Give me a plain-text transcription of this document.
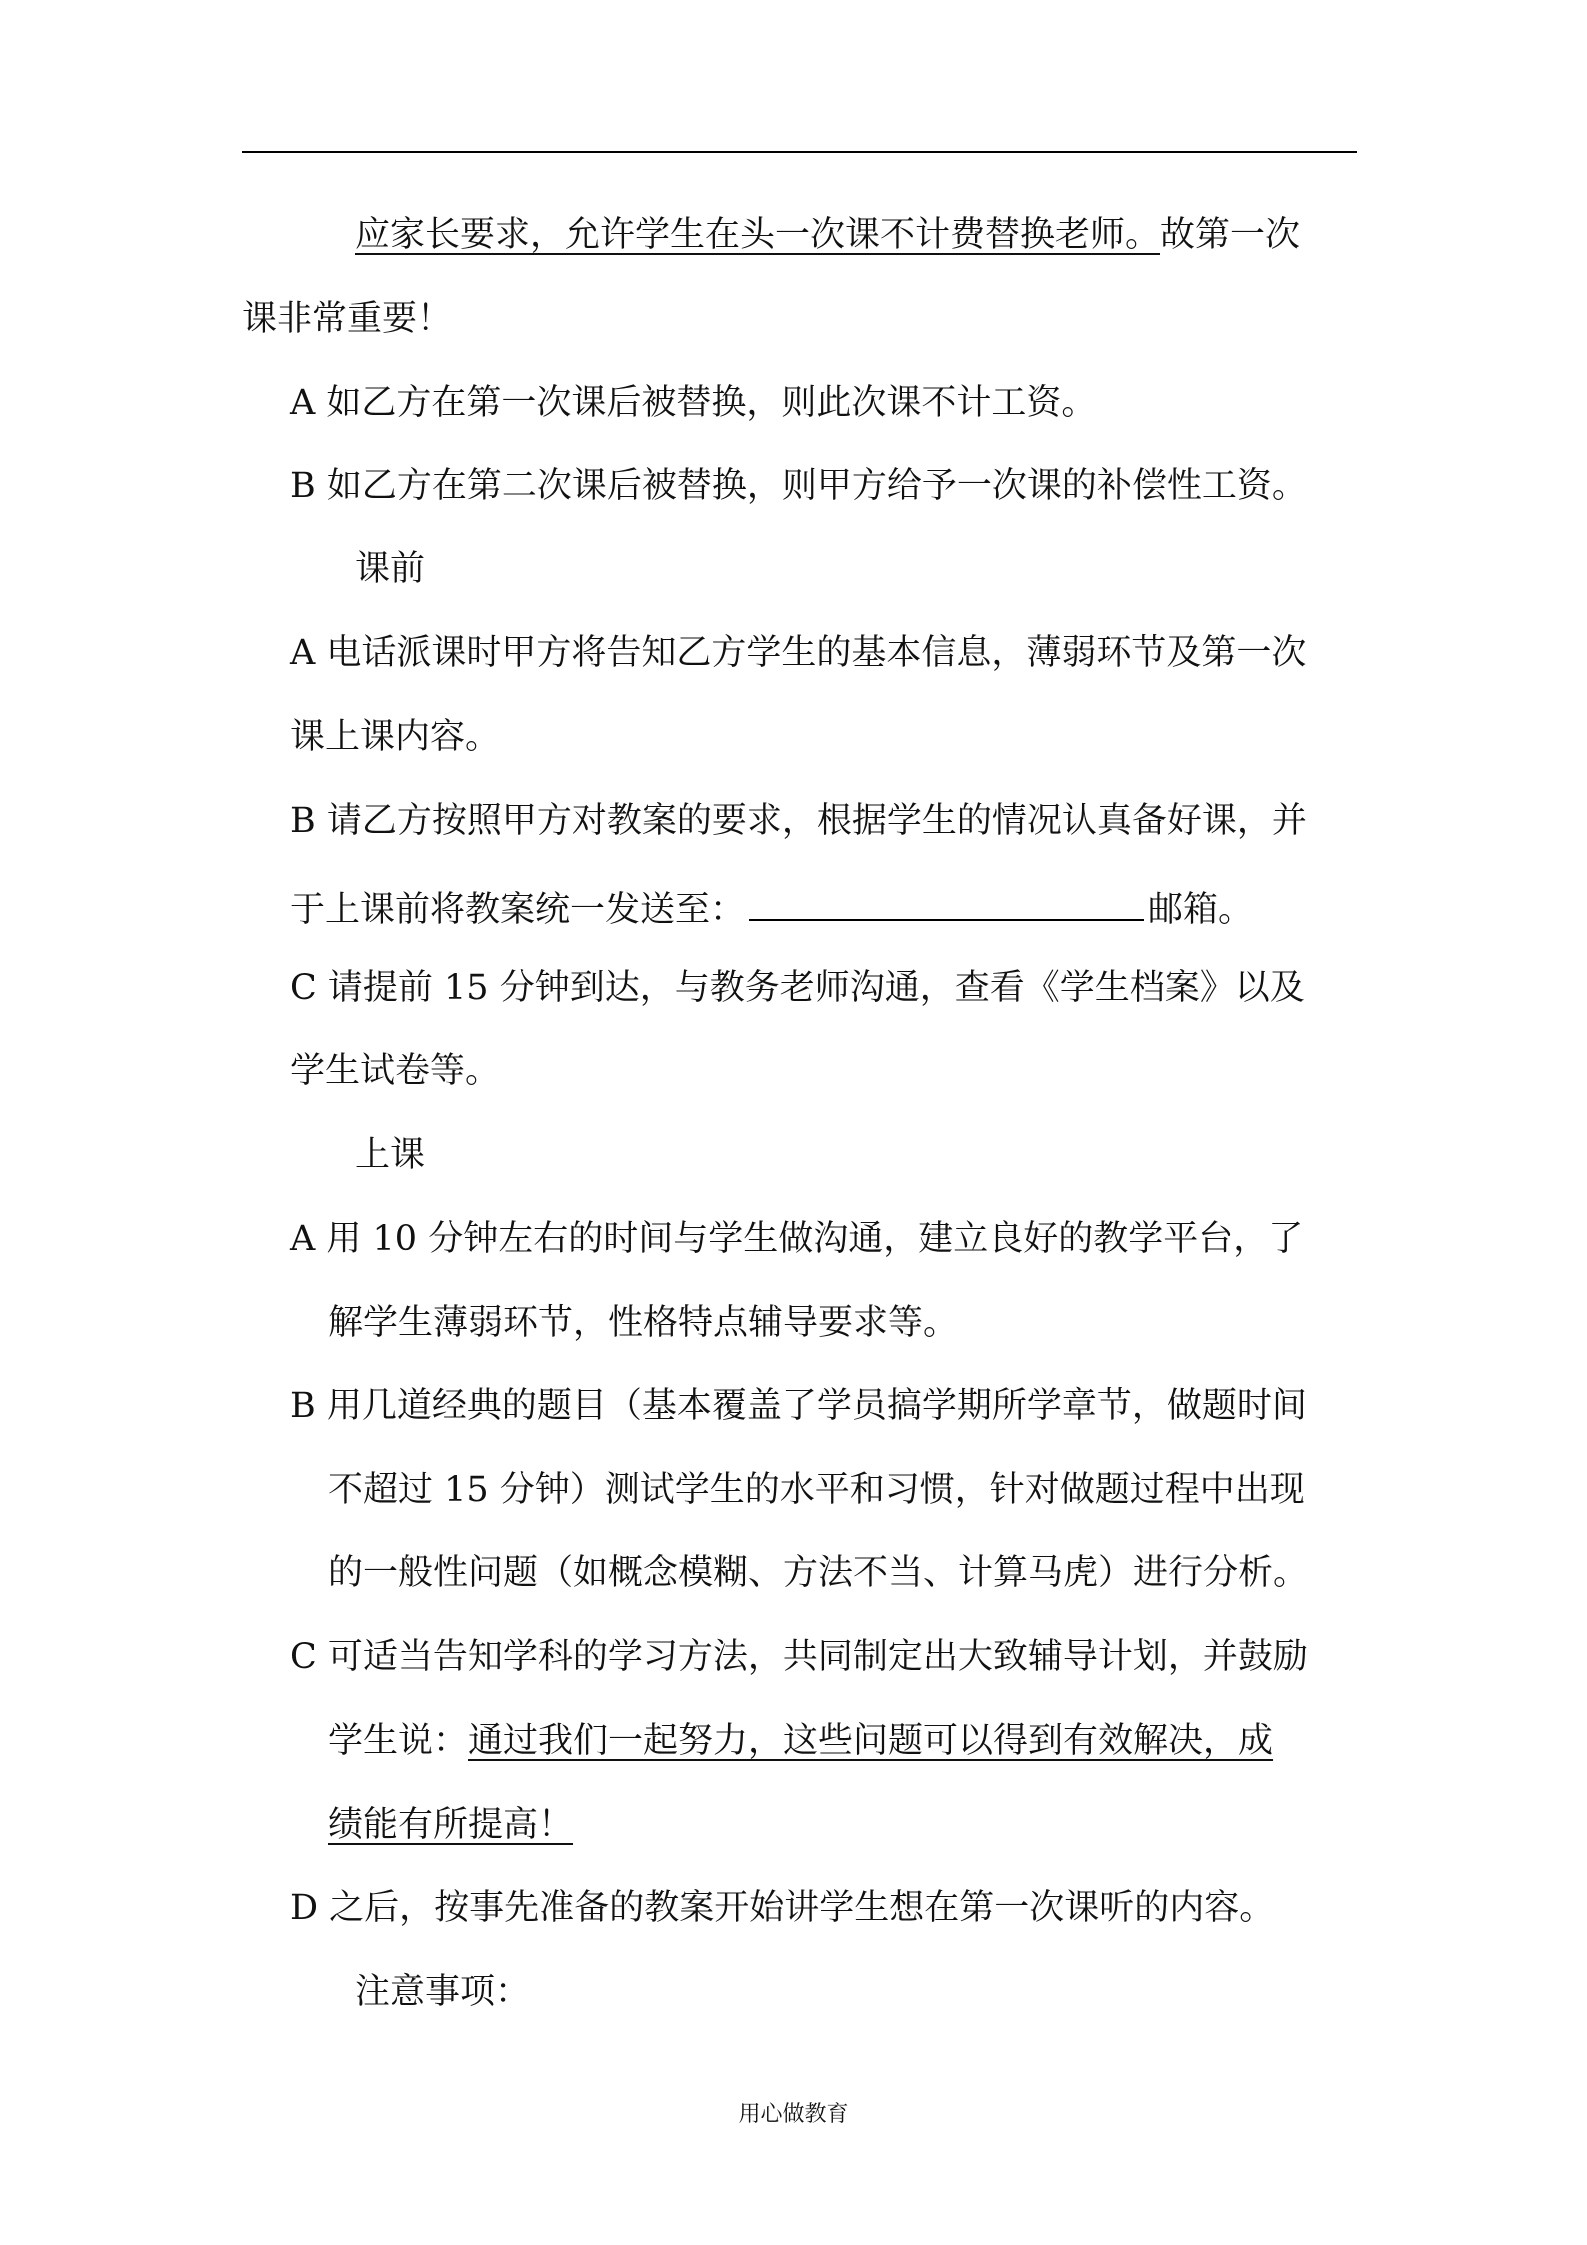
应家长要求，允许学生在头一次课不计费替换老师。故第一次
课非常重要！
A 如乙方在第一次课后被替换，则此次课不计工资。
B 如乙方在第二次课后被替换，则甲方给予一次课的补偿性工资。
课前
A 电话派课时甲方将告知乙方学生的基本信息，薄弱环节及第一次
课上课内容。
B 请乙方按照甲方对教案的要求，根据学生的情况认真备好课，并
于上课前将教案统一发送至：	邮箱。
C 请提前 15 分钟到达，与教务老师沟通，查看《学生档案》以及
学生试卷等。
上课
A 用 10 分钟左右的时间与学生做沟通，建立良好的教学平台，了
解学生薄弱环节，性格特点辅导要求等。
B 用几道经典的题目（基本覆盖了学员搞学期所学章节，做题时间
不超过 15 分钟）测试学生的水平和习惯，针对做题过程中出现
的一般性问题（如概念模糊、方法不当、计算马虎）进行分析。
C 可适当告知学科的学习方法，共同制定出大致辅导计划，并鼓励
学生说：通过我们一起努力，这些问题可以得到有效解决，成
绩能有所提高！
D 之后，按事先准备的教案开始讲学生想在第一次课听的内容。
注意事项：
用心做教育
